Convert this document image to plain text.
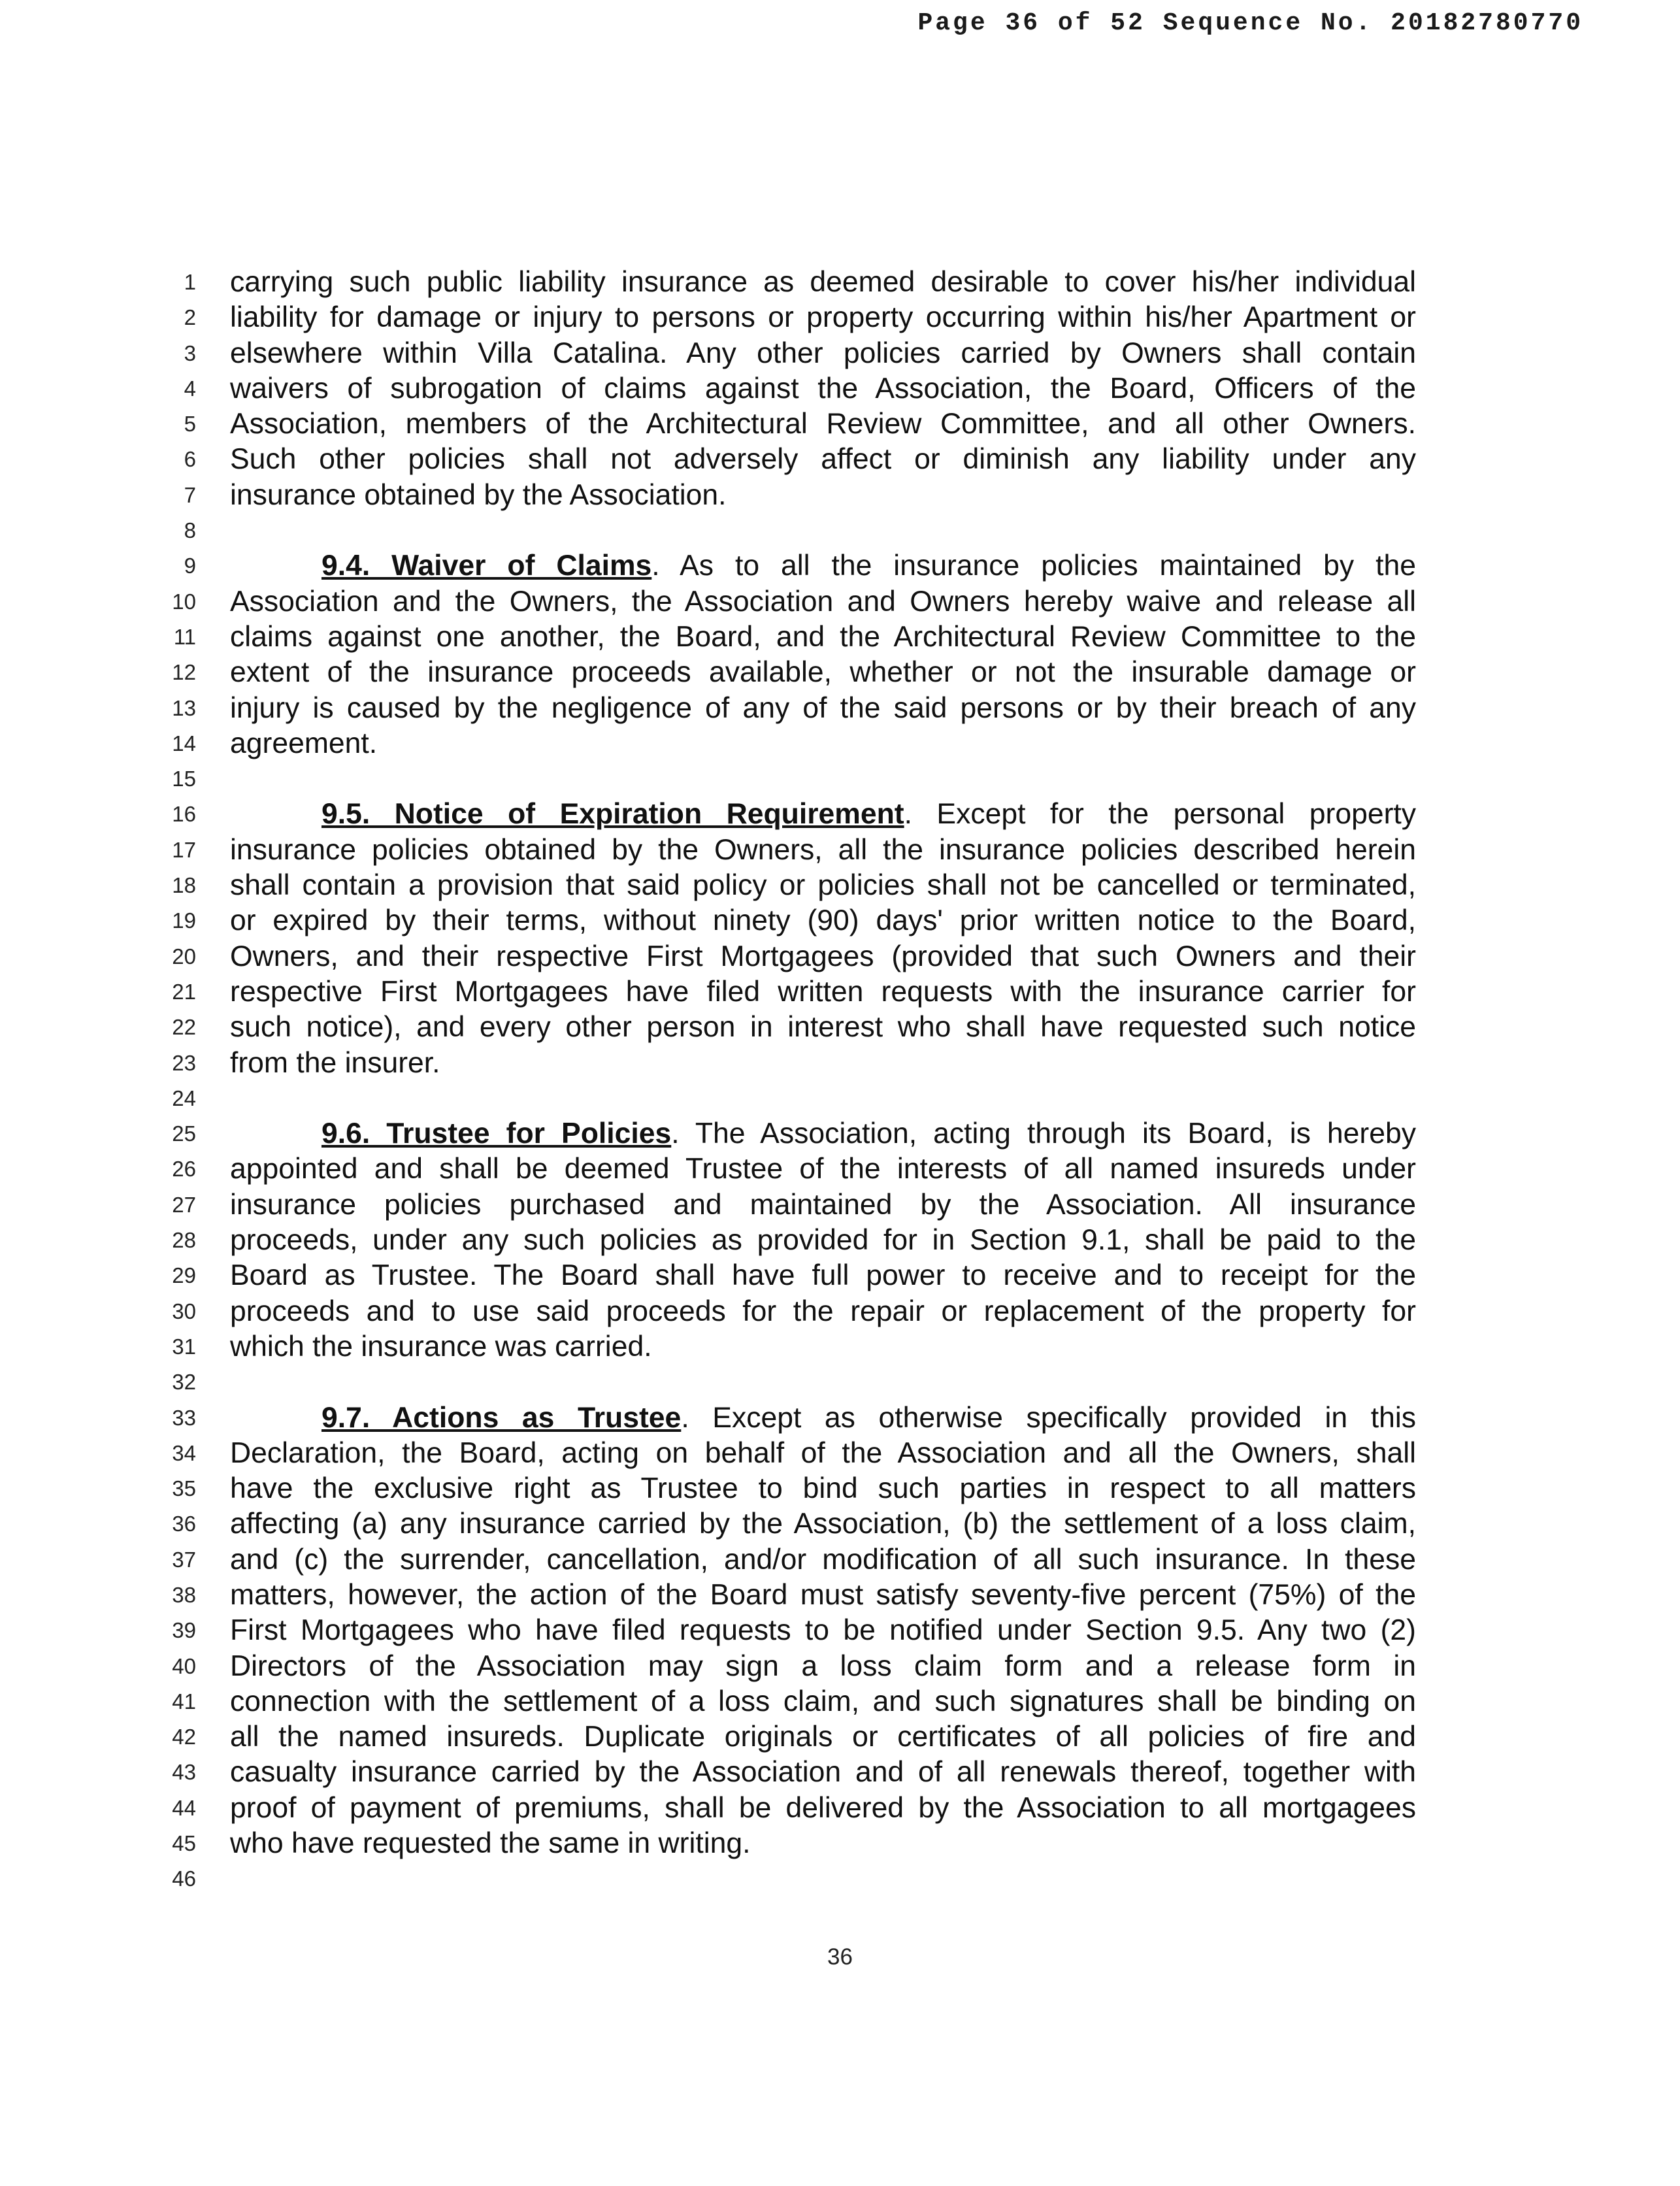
Page 36 of 52 Sequence No. 20182780770
1
2
3
4
5
6
7
8
9
10
11
12
13
14
15
16
17
18
19
20
21
22
23
24
25
26
27
28
29
30
31
32
33
34
35
36
37
38
39
40
41
42
43
44
45
46
carrying such public liability insurance as deemed desirable to cover his/her individual
liability for damage or injury to persons or property occurring within his/her Apartment or
elsewhere within Villa Catalina. Any other policies carried by Owners shall contain
waivers of subrogation of claims against the Association, the Board, Officers of the
Association, members of the Architectural Review Committee, and all other Owners.
Such other policies shall not adversely affect or diminish any liability under any
insurance obtained by the Association.
9.4. Waiver of Claims. As to all the insurance policies maintained by the
Association and the Owners, the Association and Owners hereby waive and release all
claims against one another, the Board, and the Architectural Review Committee to the
extent of the insurance proceeds available, whether or not the insurable damage or
injury is caused by the negligence of any of the said persons or by their breach of any
agreement.
9.5. Notice of Expiration Requirement. Except for the personal property
insurance policies obtained by the Owners, all the insurance policies described herein
shall contain a provision that said policy or policies shall not be cancelled or terminated,
or expired by their terms, without ninety (90) days' prior written notice to the Board,
Owners, and their respective First Mortgagees (provided that such Owners and their
respective First Mortgagees have filed written requests with the insurance carrier for
such notice), and every other person in interest who shall have requested such notice
from the insurer.
9.6. Trustee for Policies. The Association, acting through its Board, is hereby
appointed and shall be deemed Trustee of the interests of all named insureds under
insurance policies purchased and maintained by the Association. All insurance
proceeds, under any such policies as provided for in Section 9.1, shall be paid to the
Board as Trustee. The Board shall have full power to receive and to receipt for the
proceeds and to use said proceeds for the repair or replacement of the property for
which the insurance was carried.
9.7. Actions as Trustee. Except as otherwise specifically provided in this
Declaration, the Board, acting on behalf of the Association and all the Owners, shall
have the exclusive right as Trustee to bind such parties in respect to all matters
affecting (a) any insurance carried by the Association, (b) the settlement of a loss claim,
and (c) the surrender, cancellation, and/or modification of all such insurance. In these
matters, however, the action of the Board must satisfy seventy-five percent (75%) of the
First Mortgagees who have filed requests to be notified under Section 9.5. Any two (2)
Directors of the Association may sign a loss claim form and a release form in
connection with the settlement of a loss claim, and such signatures shall be binding on
all the named insureds. Duplicate originals or certificates of all policies of fire and
casualty insurance carried by the Association and of all renewals thereof, together with
proof of payment of premiums, shall be delivered by the Association to all mortgagees
who have requested the same in writing.
36
